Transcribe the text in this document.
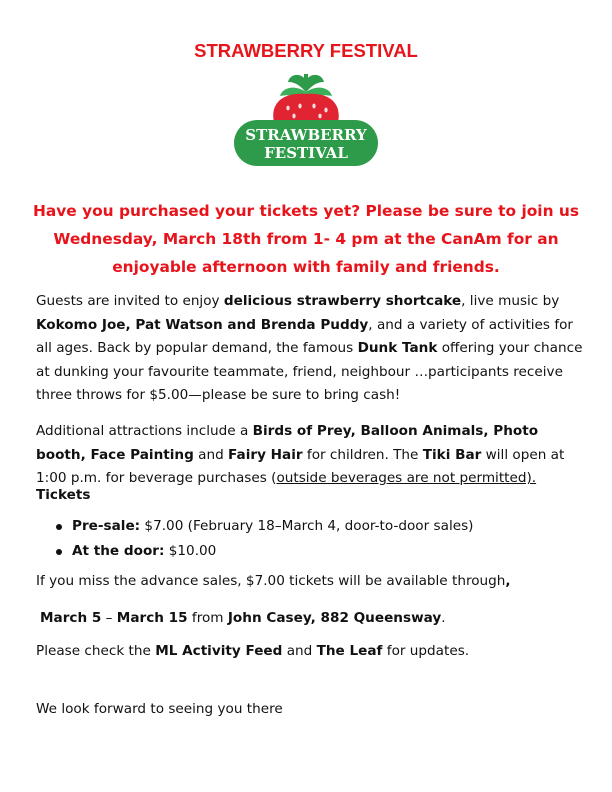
STRAWBERRY FESTIVAL
STRAWBERRY
FESTIVAL

Have you purchased your tickets yet? Please be sure to join us Wednesday, March 18th from 1- 4 pm at the CanAm for an enjoyable afternoon with family and friends.

Guests are invited to enjoy delicious strawberry shortcake, live music by Kokomo Joe, Pat Watson and Brenda Puddy, and a variety of activities for all ages. Back by popular demand, the famous Dunk Tank offering your chance at dunking your favourite teammate, friend, neighbour …participants receive three throws for $5.00—please be sure to bring cash!

Additional attractions include a Birds of Prey, Balloon Animals, Photo booth, Face Painting and Fairy Hair for children. The Tiki Bar will open at 1:00 p.m. for beverage purchases (outside beverages are not permitted).

Tickets

Pre-sale: $7.00 (February 18–March 4, door-to-door sales)
At the door: $10.00

If you miss the advance sales, $7.00 tickets will be available through,

March 5 – March 15 from John Casey, 882 Queensway.

Please check the ML Activity Feed and The Leaf for updates.

We look forward to seeing you there
